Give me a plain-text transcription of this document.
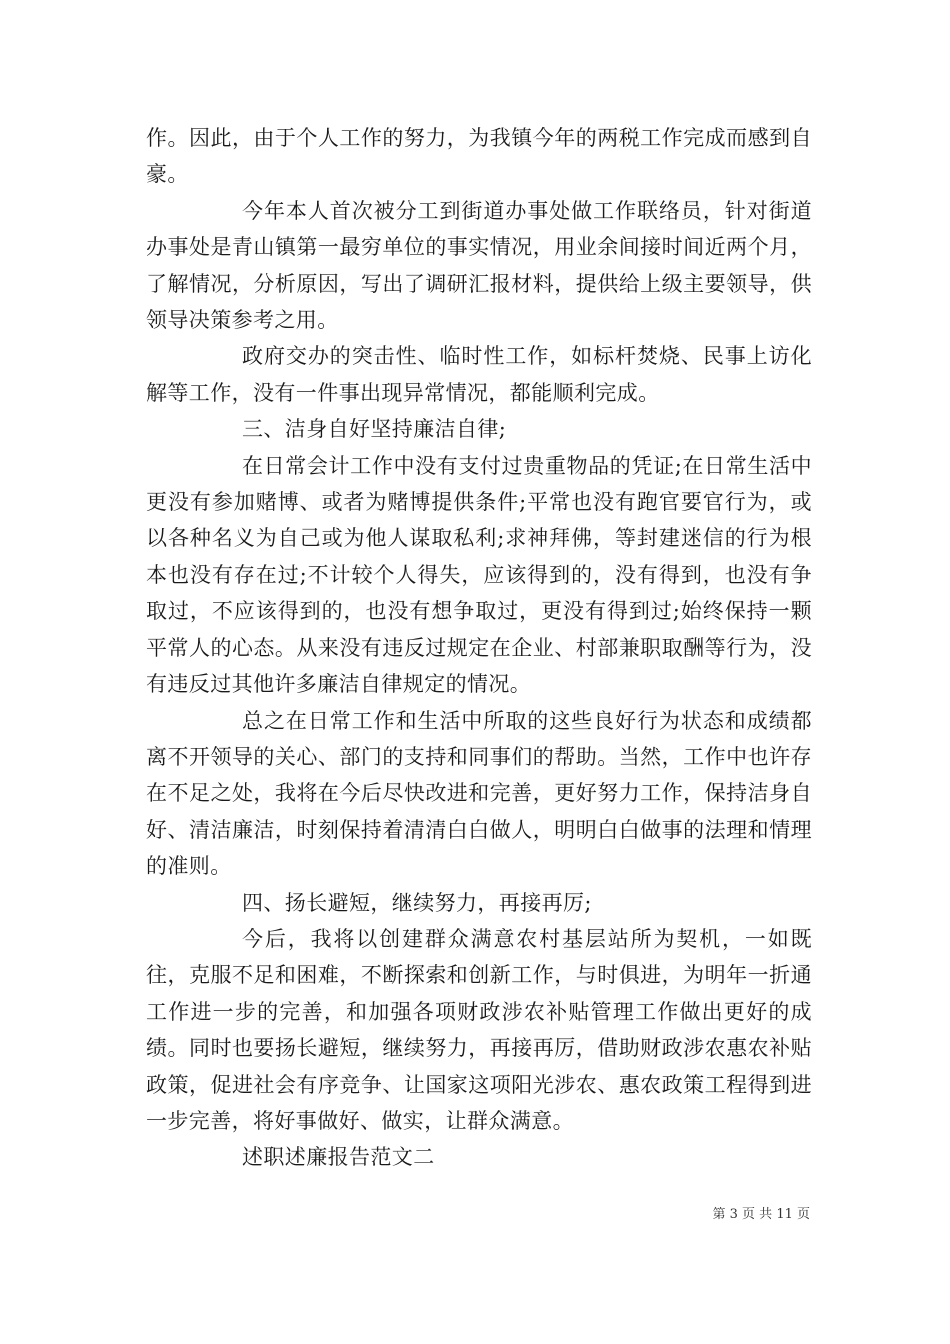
作。因此，由于个人工作的努力，为我镇今年的两税工作完成而感到自豪。

今年本人首次被分工到街道办事处做工作联络员，针对街道办事处是青山镇第一最穷单位的事实情况，用业余间接时间近两个月，了解情况，分析原因，写出了调研汇报材料，提供给上级主要领导，供领导决策参考之用。

政府交办的突击性、临时性工作，如标杆焚烧、民事上访化解等工作，没有一件事出现异常情况，都能顺利完成。

三、洁身自好坚持廉洁自律;

在日常会计工作中没有支付过贵重物品的凭证;在日常生活中更没有参加赌博、或者为赌博提供条件;平常也没有跑官要官行为，或以各种名义为自己或为他人谋取私利;求神拜佛，等封建迷信的行为根本也没有存在过;不计较个人得失，应该得到的，没有得到，也没有争取过，不应该得到的，也没有想争取过，更没有得到过;始终保持一颗平常人的心态。从来没有违反过规定在企业、村部兼职取酬等行为，没有违反过其他许多廉洁自律规定的情况。

总之在日常工作和生活中所取的这些良好行为状态和成绩都离不开领导的关心、部门的支持和同事们的帮助。当然，工作中也许存在不足之处，我将在今后尽快改进和完善，更好努力工作，保持洁身自好、清洁廉洁，时刻保持着清清白白做人，明明白白做事的法理和情理的准则。

四、扬长避短，继续努力，再接再厉;

今后，我将以创建群众满意农村基层站所为契机，一如既往，克服不足和困难，不断探索和创新工作，与时俱进，为明年一折通工作进一步的完善，和加强各项财政涉农补贴管理工作做出更好的成绩。同时也要扬长避短，继续努力，再接再厉，借助财政涉农惠农补贴政策，促进社会有序竞争、让国家这项阳光涉农、惠农政策工程得到进一步完善，将好事做好、做实，让群众满意。

述职述廉报告范文二

第 3 页 共 11 页
